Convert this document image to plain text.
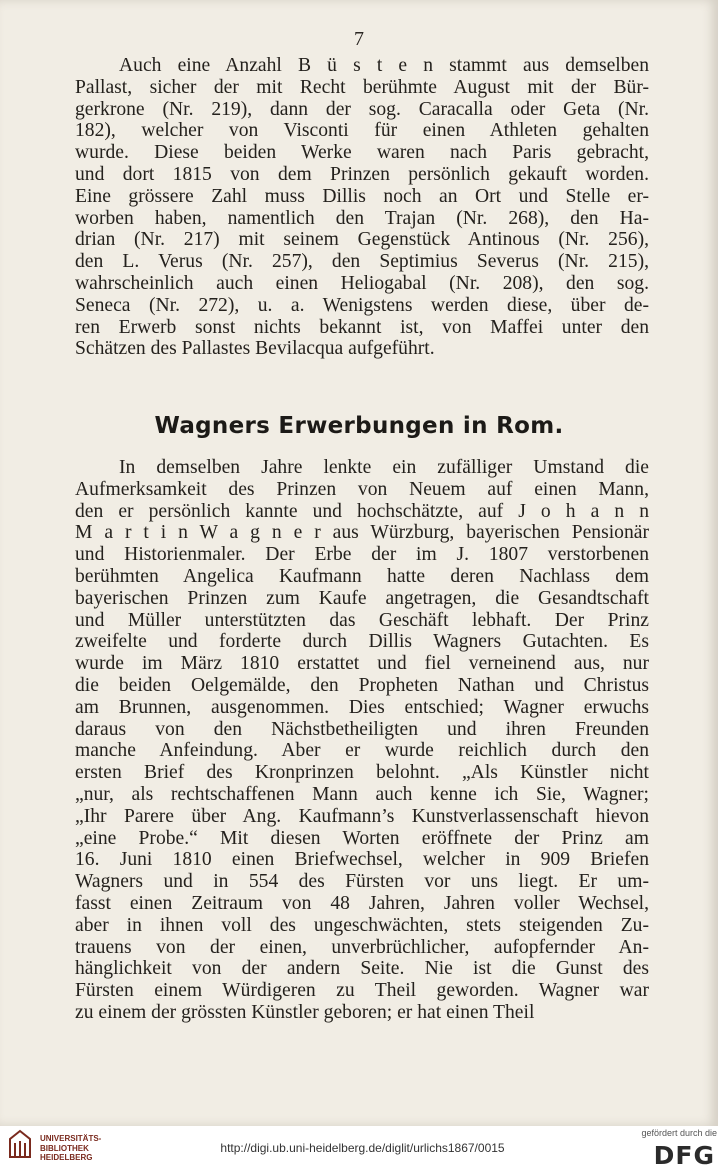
7
Auch eine Anzahl B ü s t e n stammt aus demselben
Pallast, sicher der mit Recht berühmte August mit der Bür-
gerkrone (Nr. 219), dann der sog. Caracalla oder Geta (Nr.
182), welcher von Visconti für einen Athleten gehalten
wurde. Diese beiden Werke waren nach Paris gebracht,
und dort 1815 von dem Prinzen persönlich gekauft worden.
Eine grössere Zahl muss Dillis noch an Ort und Stelle er-
worben haben, namentlich den Trajan (Nr. 268), den Ha-
drian (Nr. 217) mit seinem Gegenstück Antinous (Nr. 256),
den L. Verus (Nr. 257), den Septimius Severus (Nr. 215),
wahrscheinlich auch einen Heliogabal (Nr. 208), den sog.
Seneca (Nr. 272), u. a. Wenigstens werden diese, über de-
ren Erwerb sonst nichts bekannt ist, von Maffei unter den
Schätzen des Pallastes Bevilacqua aufgeführt.
Wagners Erwerbungen in Rom.
In demselben Jahre lenkte ein zufälliger Umstand die
Aufmerksamkeit des Prinzen von Neuem auf einen Mann,
den er persönlich kannte und hochschätzte, auf J o h a n n
M a r t i n W a g n e r aus Würzburg, bayerischen Pensionär
und Historienmaler. Der Erbe der im J. 1807 verstorbenen
berühmten Angelica Kaufmann hatte deren Nachlass dem
bayerischen Prinzen zum Kaufe angetragen, die Gesandtschaft
und Müller unterstützten das Geschäft lebhaft. Der Prinz
zweifelte und forderte durch Dillis Wagners Gutachten. Es
wurde im März 1810 erstattet und fiel verneinend aus, nur
die beiden Oelgemälde, den Propheten Nathan und Christus
am Brunnen, ausgenommen. Dies entschied; Wagner erwuchs
daraus von den Nächstbetheiligten und ihren Freunden
manche Anfeindung. Aber er wurde reichlich durch den
ersten Brief des Kronprinzen belohnt. „Als Künstler nicht
„nur, als rechtschaffenen Mann auch kenne ich Sie, Wagner;
„Ihr Parere über Ang. Kaufmann’s Kunstverlassenschaft hievon
„eine Probe.“ Mit diesen Worten eröffnete der Prinz am
16. Juni 1810 einen Briefwechsel, welcher in 909 Briefen
Wagners und in 554 des Fürsten vor uns liegt. Er um-
fasst einen Zeitraum von 48 Jahren, Jahren voller Wechsel,
aber in ihnen voll des ungeschwächten, stets steigenden Zu-
trauens von der einen, unverbrüchlicher, aufopfernder An-
hänglichkeit von der andern Seite. Nie ist die Gunst des
Fürsten einem Würdigeren zu Theil geworden. Wagner war
zu einem der grössten Künstler geboren; er hat einen Theil
UNIVERSITÄTS-
BIBLIOTHEK
HEIDELBERG
http://digi.ub.uni-heidelberg.de/diglit/urlichs1867/0015
gefördert durch die
DFG
